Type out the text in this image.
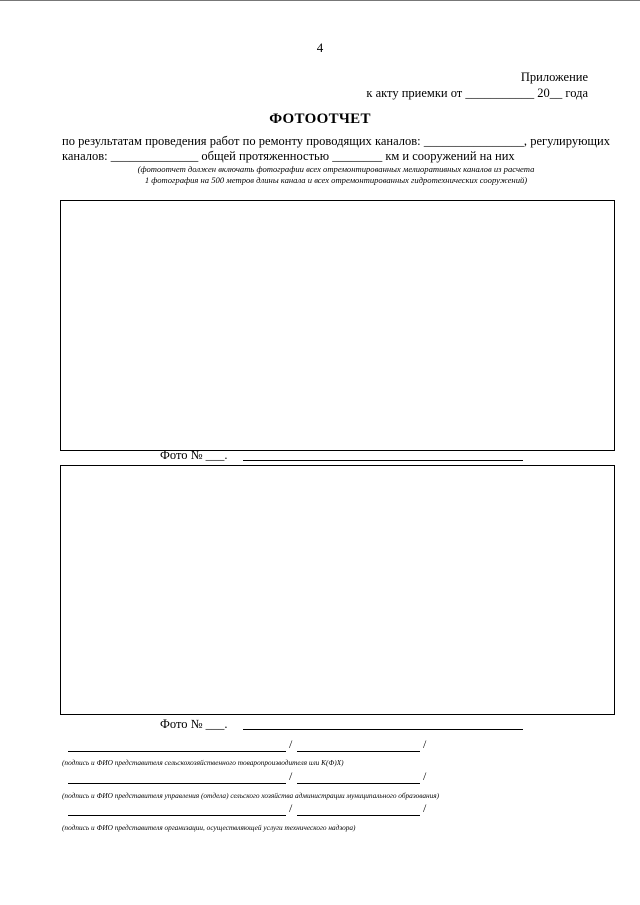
4
Приложение
к акту приемки от ___________ 20__ года
ФОТООТЧЕТ
по результатам проведения работ по ремонту проводящих каналов: ________________, регулирующих каналов: ______________ общей протяженностью ________ км и сооружений на них
(фотоотчет должен включать фотографии всех отремонтированных мелиоративных каналов из расчета
1 фотография на 500 метров длины канала и всех отремонтированных гидротехнических сооружений)
Фото № ___.
Фото № ___.
/	/
(подпись и ФИО представителя сельскохозяйственного товаропроизводителя или К(Ф)Х)
/	/
(подпись и ФИО представителя управления (отдела) сельского хозяйства администрации муниципального образования)
/	/
(подпись и ФИО представителя организации, осуществляющей услуги технического надзора)
